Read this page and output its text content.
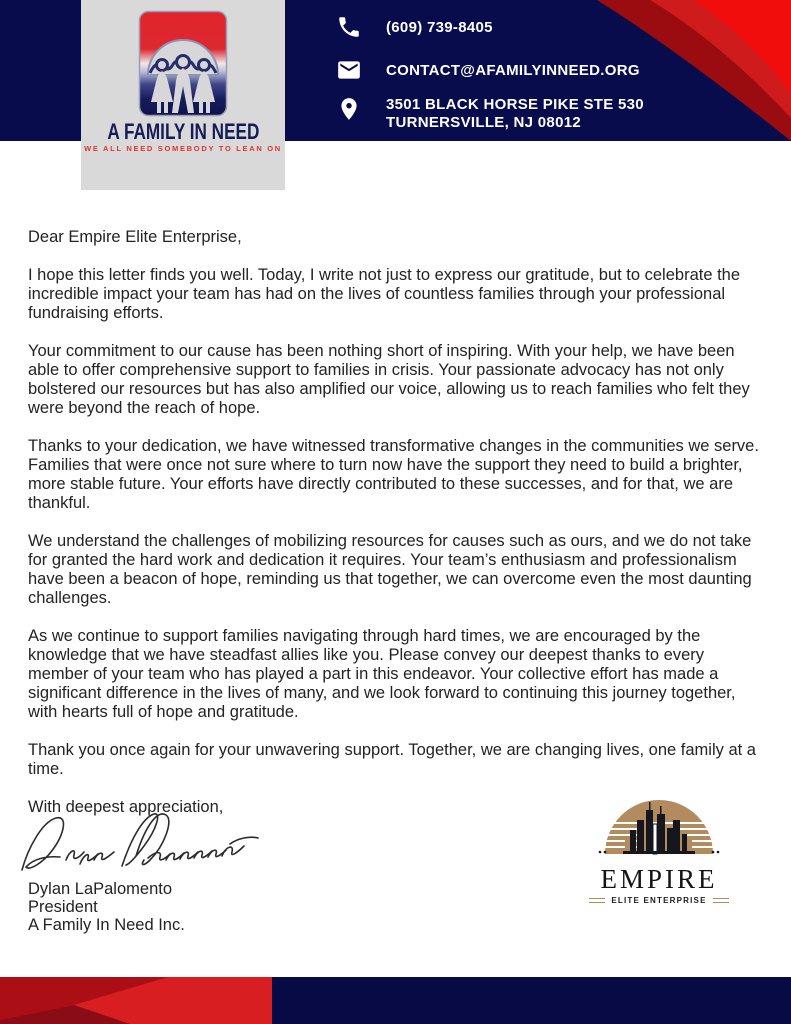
(609) 739-8405
CONTACT@AFAMILYINNEED.ORG
3501 BLACK HORSE PIKE STE 530
TURNERSVILLE, NJ 08012
A FAMILY IN NEED
WE ALL NEED SOMEBODY TO LEAN ON

Dear Empire Elite Enterprise,

I hope this letter finds you well. Today, I write not just to express our gratitude, but to celebrate the incredible impact your team has had on the lives of countless families through your professional fundraising efforts.

Your commitment to our cause has been nothing short of inspiring. With your help, we have been able to offer comprehensive support to families in crisis. Your passionate advocacy has not only bolstered our resources but has also amplified our voice, allowing us to reach families who felt they were beyond the reach of hope.

Thanks to your dedication, we have witnessed transformative changes in the communities we serve. Families that were once not sure where to turn now have the support they need to build a brighter, more stable future. Your efforts have directly contributed to these successes, and for that, we are thankful.

We understand the challenges of mobilizing resources for causes such as ours, and we do not take for granted the hard work and dedication it requires. Your team’s enthusiasm and professionalism have been a beacon of hope, reminding us that together, we can overcome even the most daunting challenges.

As we continue to support families navigating through hard times, we are encouraged by the knowledge that we have steadfast allies like you. Please convey our deepest thanks to every member of your team who has played a part in this endeavor. Your collective effort has made a significant difference in the lives of many, and we look forward to continuing this journey together, with hearts full of hope and gratitude.

Thank you once again for your unwavering support. Together, we are changing lives, one family at a time.

With deepest appreciation,

Dylan LaPalomento
President
A Family In Need Inc.
EMPIRE
ELITE ENTERPRISE
